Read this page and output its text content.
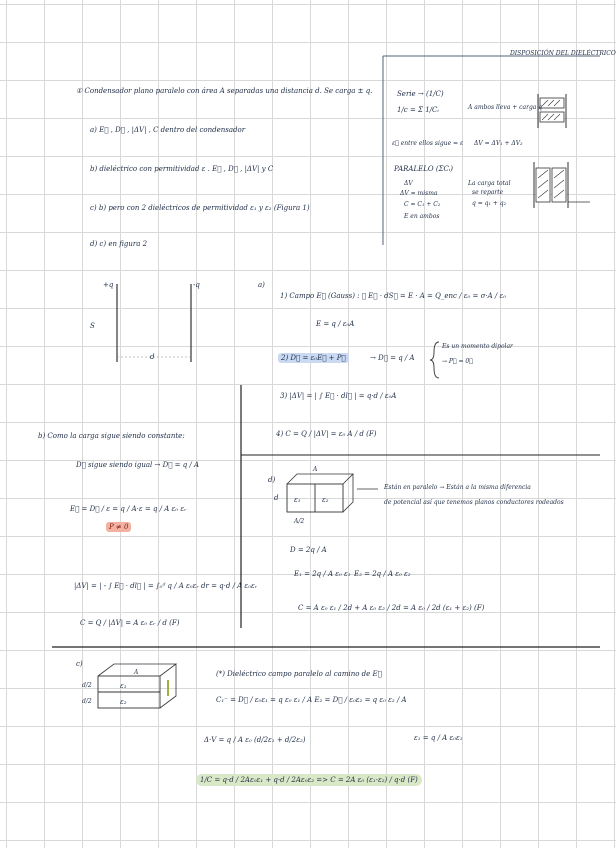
① Condensador plano paralelo con área A separadas una distancia d. Se carga ± q.
a) E⃗ , D⃗ , |ΔV| , C dentro del condensador
b) dieléctrico con permitividad ε . E⃗ , D⃗ , |ΔV| y C
c) b) pero con 2 dieléctricos de permitividad ε₁ y ε₂ (Figura 1)
d) c) en figura 2
DISPOSICIÓN DEL DIELÉCTRICO
Serie → (1/C)
1/c = Σ 1/Cᵢ	A ambos lleva + carga q
ε⃗ entre ellos sigue = ε ΔV = ΔV₁ + ΔV₂
PARALELO (ΣCᵢ)
ΔV
ΔV = misma
C = C₁ + C₂
E en ambos
La carga total
se reparte
q = q₁ + q₂
+q	-q
S
d
a)
1) Campo E⃗ (Gauss) : ∮ E⃗ · dS⃗ = E · A = Q_enc / ε₀ = σ·A / ε₀
E = q / ε₀A
2) D⃗ = ε₀E⃗ + P⃗	→ D⃗ = q / A
Es un momento dipolar
→ P⃗ = 0⃗
3) |ΔV| = | ∫ E⃗ · dl⃗ | = q·d / ε₀A
4) C = Q / |ΔV| = ε₀ A / d (F)
b) Como la carga sigue siendo constante:
D⃗ sigue siendo igual → D⃗ = q / A
E⃗ = D⃗ / ε = q / A·ε = q / A ε₀ εᵣ
P ≠ 0
|ΔV| = | - ∫ E⃗ · dl⃗ | = ∫₀ᵈ q / A ε₀εᵣ dr = q·d / A ε₀εᵣ
C = Q / |ΔV| = A ε₀ εᵣ / d (F)
d)
A
ε₁	ε₂
d
A/2
Están en paralelo → Están a la misma diferencia
de potencial así que tenemos planos conductores rodeados
D = 2q / A
E₁ = 2q / A ε₀ ε₁ E₂ = 2q / A ε₀ ε₂
C = A ε₀ ε₁ / 2d + A ε₀ ε₂ / 2d = A ε₀ / 2d (ε₁ + ε₂) (F)
c)
A
d/2
d/2
ε₁
ε₂
(*) Dieléctrico campo paralelo al camino de E⃗
C₁⁻ = D⃗ / ε₀ε₁ = q ε₀ ε₁ / A E₂ = D⃗ / ε₀ε₂ = q ε₀ ε₂ / A
Δ·V = q / A ε₀ (d/2ε₁ + d/2ε₂)	ε₁ = q / A ε₀ε₁
1/C = q·d / 2Aε₀ε₁ + q·d / 2Aε₀ε₂ => C = 2A ε₀ (ε₁·ε₂) / q·d (F)
